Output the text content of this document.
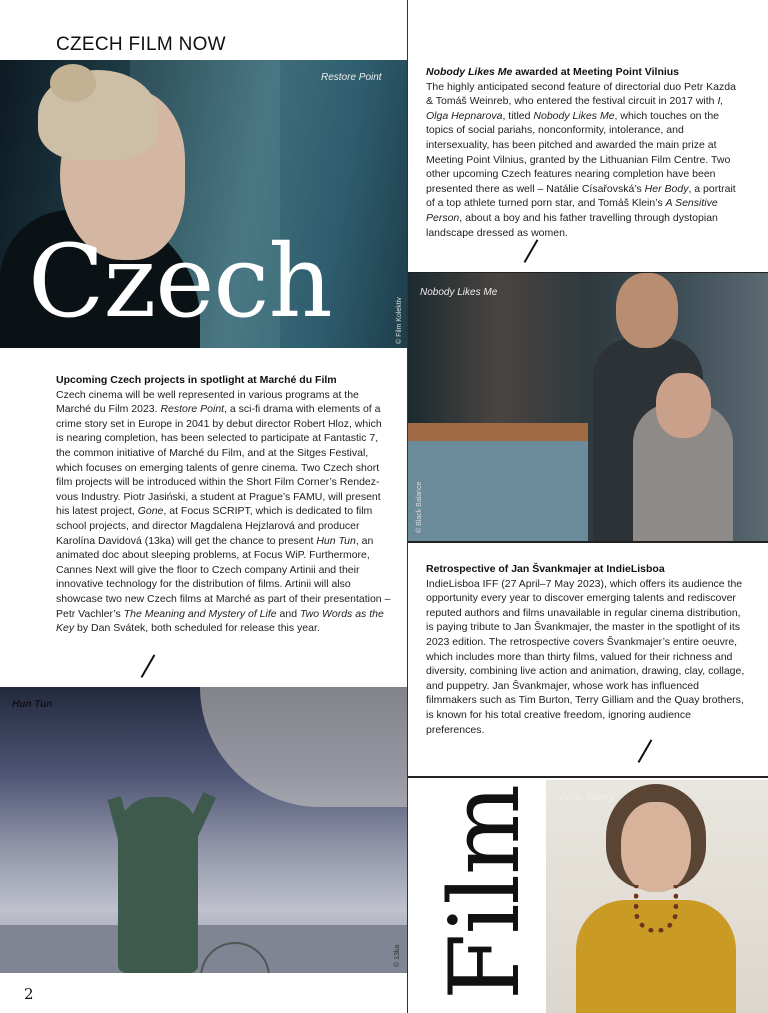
CZECH FILM NOW
Restore Point
© Film Kolektiv
Czech
Nobody Likes Me awarded at Meeting Point Vilnius

The highly anticipated second feature of directorial duo Petr Kazda & Tomáš Weinreb, who entered the festival circuit in 2017 with I, Olga Hepnarova, titled Nobody Likes Me, which touches on the topics of social pariahs, nonconformity, intolerance, and intersexuality, has been pitched and awarded the main prize at Meeting Point Vilnius, granted by the Lithuanian Film Centre. Two other upcoming Czech features nearing completion have been presented there as well – Natálie Císařovská’s Her Body, a portrait of a top athlete turned porn star, and Tomáš Klein’s A Sensitive Person, about a boy and his father travelling through dystopian landscape dressed as women.

Nobody Likes Me
© Black Balance
Upcoming Czech projects in spotlight at Marché du Film

Czech cinema will be well represented in various programs at the Marché du Film 2023. Restore Point, a sci-fi drama with elements of a crime story set in Europe in 2041 by debut director Robert Hloz, which is nearing completion, has been selected to participate at Fantastic 7, the common initiative of Marché du Film, and at the Sitges Festival, which focuses on emerging talents of genre cinema. Two Czech short film projects will be introduced within the Short Film Corner’s Rendez-vous Industry. Piotr Jasiński, a student at Prague’s FAMU, will present his latest project, Gone, at Focus SCRIPT, which is dedicated to film school projects, and director Magdalena Hejzlarová and producer Karolína Davidová (13ka) will get the chance to present Hun Tun, an animated doc about sleeping problems, at Focus WiP. Furthermore, Cannes Next will give the floor to Czech company Artinii and their innovative technology for the distribution of films. Artinii will also showcase two new Czech films at Marché as part of their presentation – Petr Vachler’s The Meaning and Mystery of Life and Two Words as the Key by Dan Svátek, both scheduled for release this year.

Retrospective of Jan Švankmajer at IndieLisboa

IndieLisboa IFF (27 April–7 May 2023), which offers its audience the opportunity every year to discover emerging talents and rediscover reputed authors and films unavailable in regular cinema distribution, is paying tribute to Jan Švankmajer, the master in the spotlight of its 2023 edition. The retrospective covers Švankmajer’s entire oeuvre, which includes more than thirty films, valued for their richness and diversity, combining live action and animation, drawing, clay, collage, and puppetry. Jan Švankmajer, whose work has influenced filmmakers such as Tim Burton, Terry Gilliam and the Quay brothers, is known for his total creative freedom, ignoring audience preferences.

Hun Tun
© 13ka Film Alice Tabery
2
